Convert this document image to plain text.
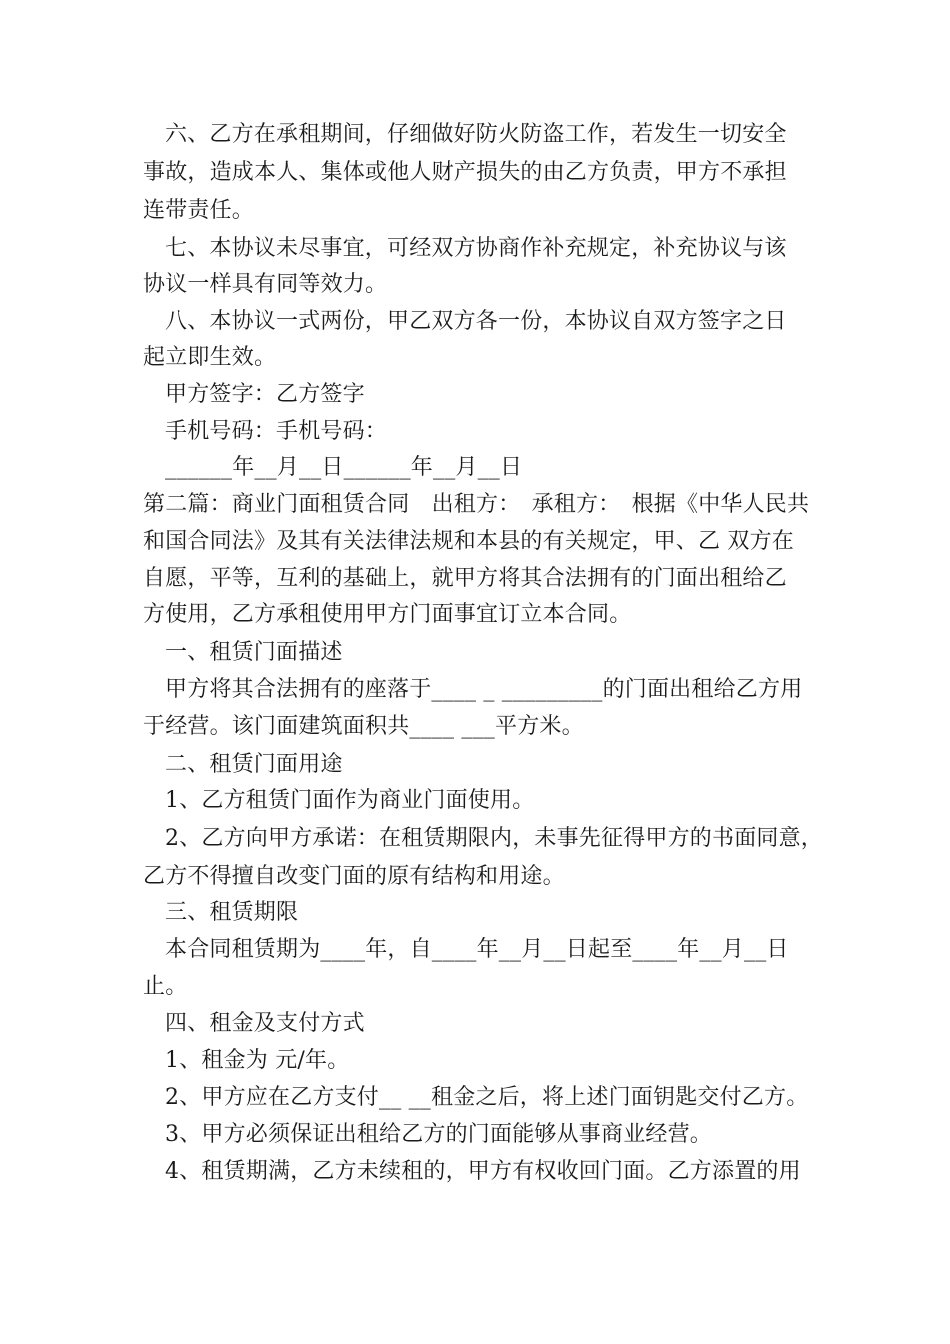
六、乙方在承租期间，仔细做好防火防盗工作，若发生一切安全
事故，造成本人、集体或他人财产损失的由乙方负责，甲方不承担
连带责任。
七、本协议未尽事宜，可经双方协商作补充规定，补充协议与该
协议一样具有同等效力。
八、本协议一式两份，甲乙双方各一份，本协议自双方签字之日
起立即生效。
甲方签字：乙方签字
手机号码：手机号码：
______年__月__日______年__月__日
第二篇：商业门面租赁合同　出租方：　承租方：　根据《中华人民共
和国合同法》及其有关法律法规和本县的有关规定，甲、乙 双方在
自愿，平等，互利的基础上，就甲方将其合法拥有的门面出租给乙
方使用，乙方承租使用甲方门面事宜订立本合同。
一、租赁门面描述
甲方将其合法拥有的座落于____ _ _________的门面出租给乙方用
于经营。该门面建筑面积共____ ___平方米。
二、租赁门面用途
1、乙方租赁门面作为商业门面使用。
2、乙方向甲方承诺：在租赁期限内，未事先征得甲方的书面同意，
乙方不得擅自改变门面的原有结构和用途。
三、租赁期限
本合同租赁期为____年，自____年__月__日起至____年__月__日
止。
四、租金及支付方式
1、租金为 元/年。
2、甲方应在乙方支付__ __租金之后，将上述门面钥匙交付乙方。
3、甲方必须保证出租给乙方的门面能够从事商业经营。
4、租赁期满，乙方未续租的，甲方有权收回门面。乙方添置的用
